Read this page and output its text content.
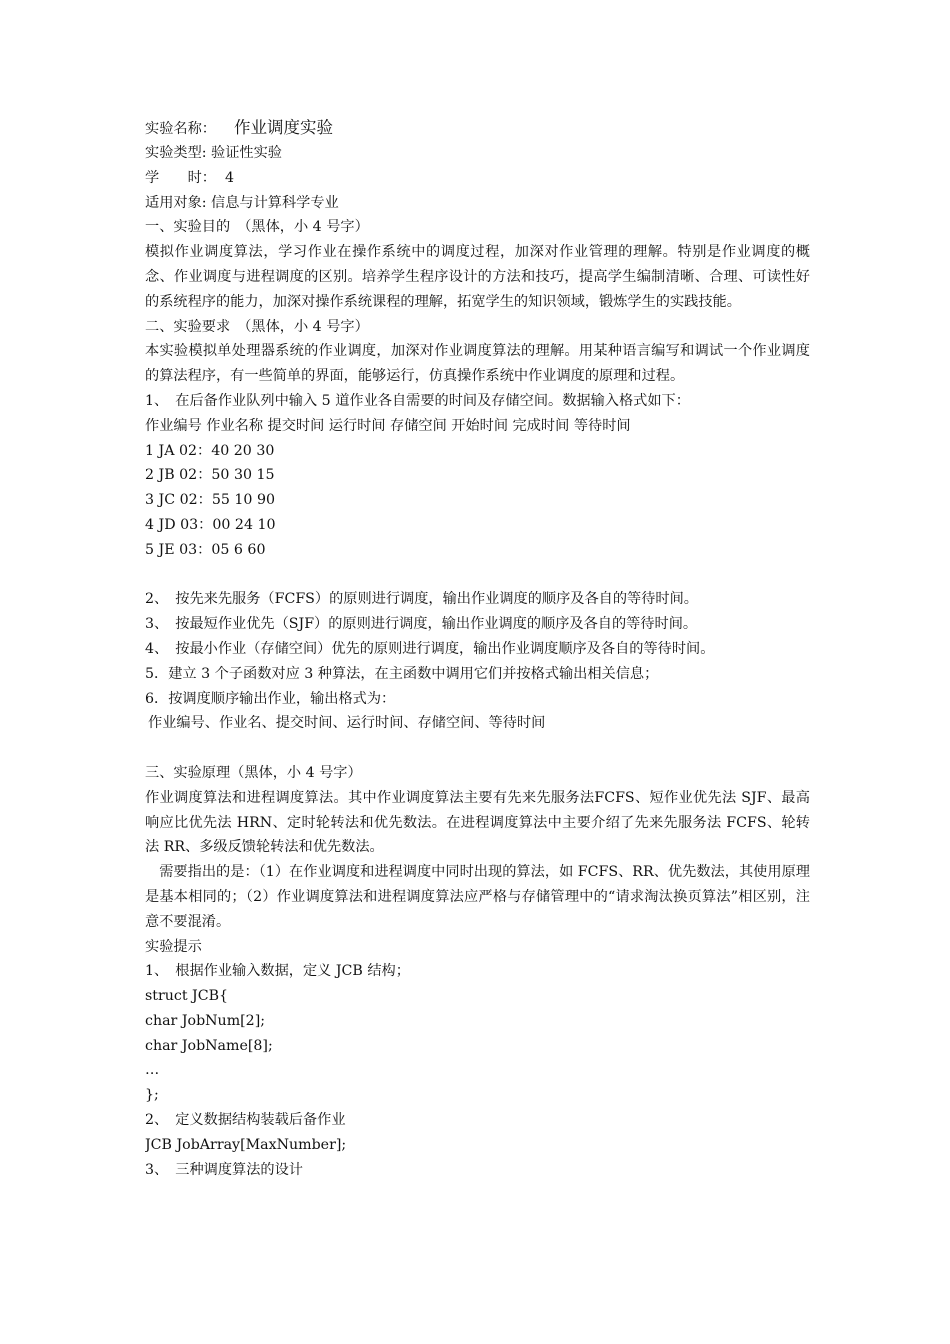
实验名称： 作业调度实验
实验类型: 验证性实验
学　　时： 4
适用对象: 信息与计算科学专业
一、实验目的　（黑体，小 4 号字）
模拟作业调度算法，学习作业在操作系统中的调度过程，加深对作业管理的理解。特别是作业调度的概念、作业调度与进程调度的区别。培养学生程序设计的方法和技巧，提高学生编制清晰、合理、可读性好的系统程序的能力，加深对操作系统课程的理解，拓宽学生的知识领域，锻炼学生的实践技能。
二、实验要求　（黑体，小 4 号字）
本实验模拟单处理器系统的作业调度，加深对作业调度算法的理解。用某种语言编写和调试一个作业调度的算法程序，有一些简单的界面，能够运行，仿真操作系统中作业调度的原理和过程。
1、　在后备作业队列中输入 5 道作业各自需要的时间及存储空间。数据输入格式如下：
作业编号 作业名称 提交时间 运行时间 存储空间 开始时间 完成时间 等待时间
1 JA 02：40 20 30
2 JB 02：50 30 15
3 JC 02：55 10 90
4 JD 03：00 24 10
5 JE 03：05 6 60
2、　按先来先服务（FCFS）的原则进行调度，输出作业调度的顺序及各自的等待时间。
3、　按最短作业优先（SJF）的原则进行调度，输出作业调度的顺序及各自的等待时间。
4、　按最小作业（存储空间）优先的原则进行调度，输出作业调度顺序及各自的等待时间。
5．建立 3 个子函数对应 3 种算法，在主函数中调用它们并按格式输出相关信息；
6．按调度顺序输出作业，输出格式为：
作业编号、作业名、提交时间、运行时间、存储空间、等待时间
三、实验原理（黑体，小 4 号字）
作业调度算法和进程调度算法。其中作业调度算法主要有先来先服务法FCFS、短作业优先法 SJF、最高响应比优先法 HRN、定时轮转法和优先数法。在进程调度算法中主要介绍了先来先服务法 FCFS、轮转法 RR、多级反馈轮转法和优先数法。
　需要指出的是：（1）在作业调度和进程调度中同时出现的算法，如 FCFS、RR、优先数法，其使用原理是基本相同的；（2）作业调度算法和进程调度算法应严格与存储管理中的“请求淘汰换页算法”相区别，注意不要混淆。
实验提示
1、　根据作业输入数据，定义 JCB 结构；
struct JCB{
char JobNum[2];
char JobName[8];
…
};
2、　定义数据结构装载后备作业
JCB JobArray[MaxNumber];
3、　三种调度算法的设计
